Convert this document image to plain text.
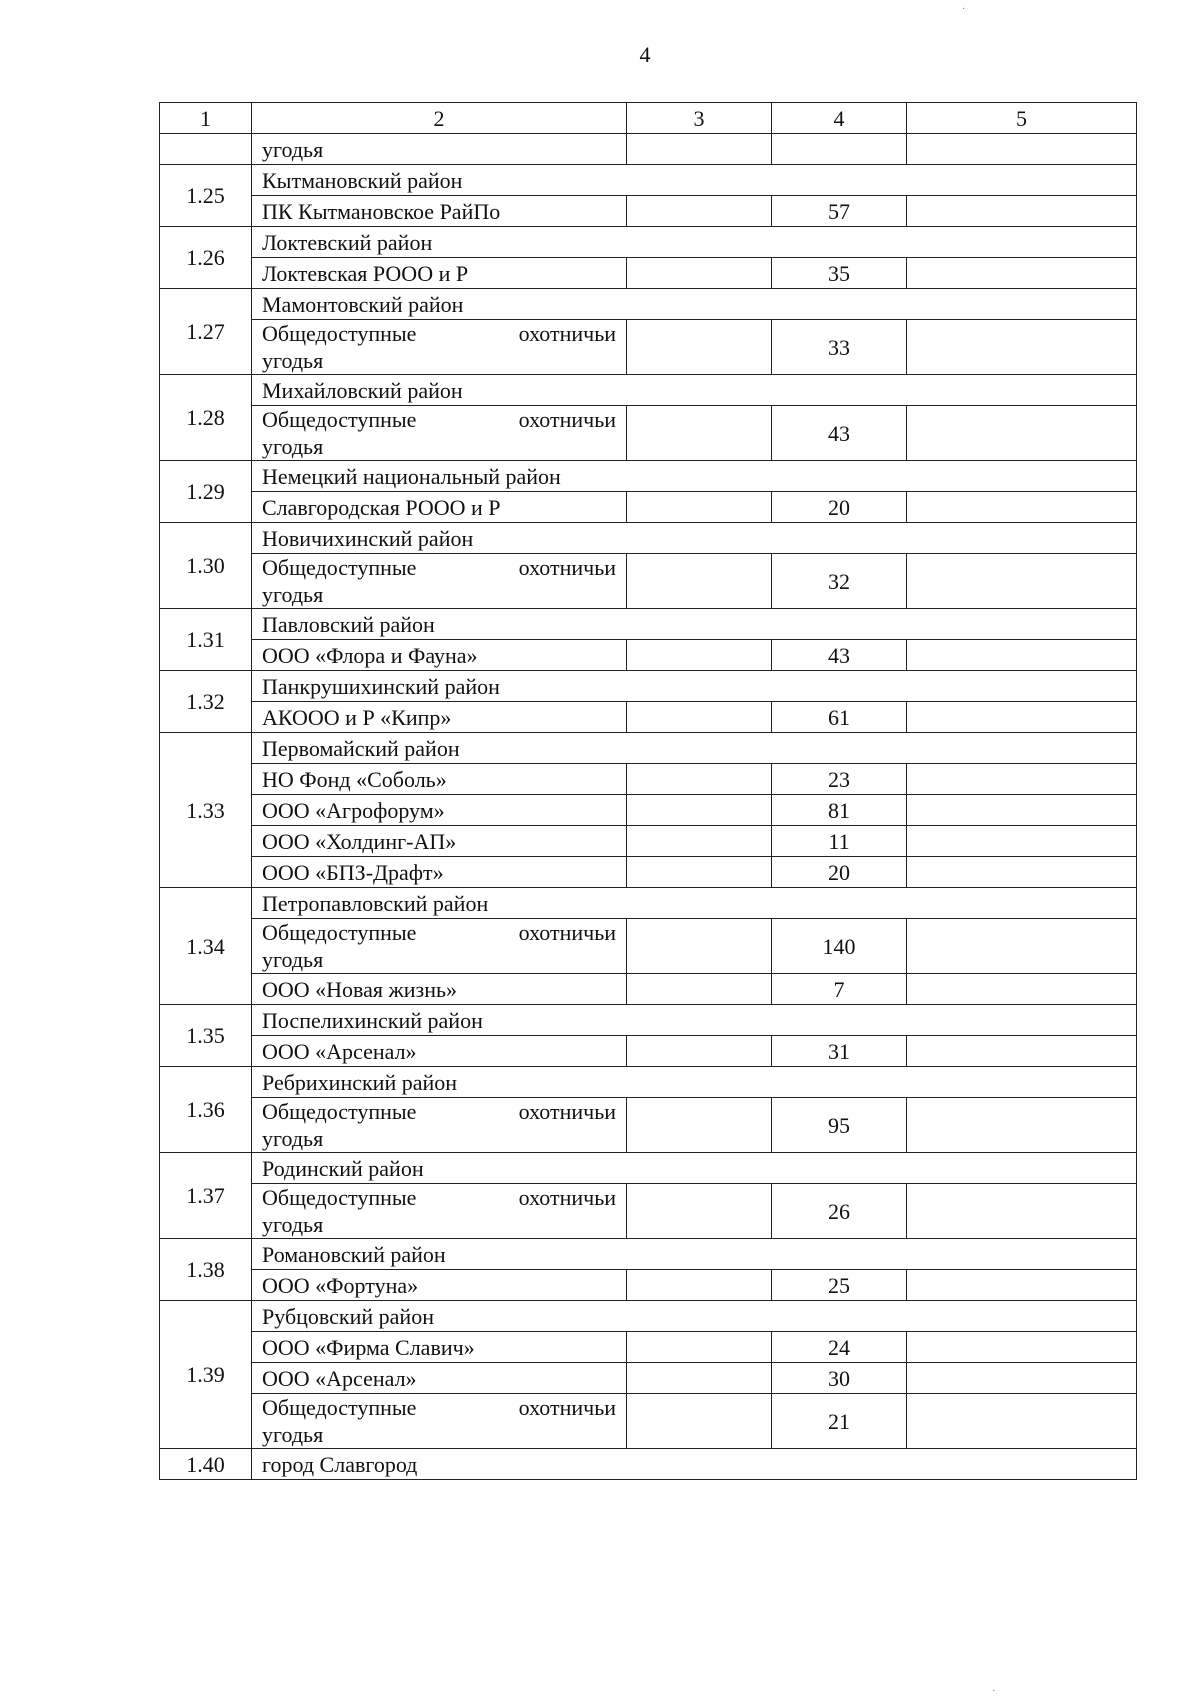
4
1	2	3	4	5
	угодья			
1.25	Кытмановский район			
	ПК Кытмановское РайПо		57	
1.26	Локтевский район			
	Локтевская РООО и Р		35	
1.27	Мамонтовский район			

	Общедоступные охотничьи
угодья		33	
1.28	Михайловский район			

	Общедоступные охотничьи
угодья		43	
1.29	Немецкий национальный район			
	Славгородская РООО и Р		20	
1.30	Новичихинский район			

	Общедоступные охотничьи
угодья		32	
1.31	Павловский район			
	ООО «Флора и Фауна»		43	
1.32	Панкрушихинский район			
	АКООО и Р «Кипр»		61	
1.33	Первомайский район			
	НО Фонд «Соболь»		23	
	ООО «Агрофорум»		81	
	ООО «Холдинг-АП»		11	
	ООО «БПЗ-Драфт»		20	
1.34	Петропавловский район			

	Общедоступные охотничьи
угодья		140	
	ООО «Новая жизнь»		7	
1.35	Поспелихинский район			
	ООО «Арсенал»		31	
1.36	Ребрихинский район			

	Общедоступные охотничьи
угодья		95	
1.37	Родинский район			

	Общедоступные охотничьи
угодья		26	
1.38	Романовский район			
	ООО «Фортуна»		25	
1.39	Рубцовский район			
	ООО «Фирма Славич»		24	
	ООО «Арсенал»		30	

	Общедоступные охотничьи
угодья		21	
1.40	город Славгород			
·
·
